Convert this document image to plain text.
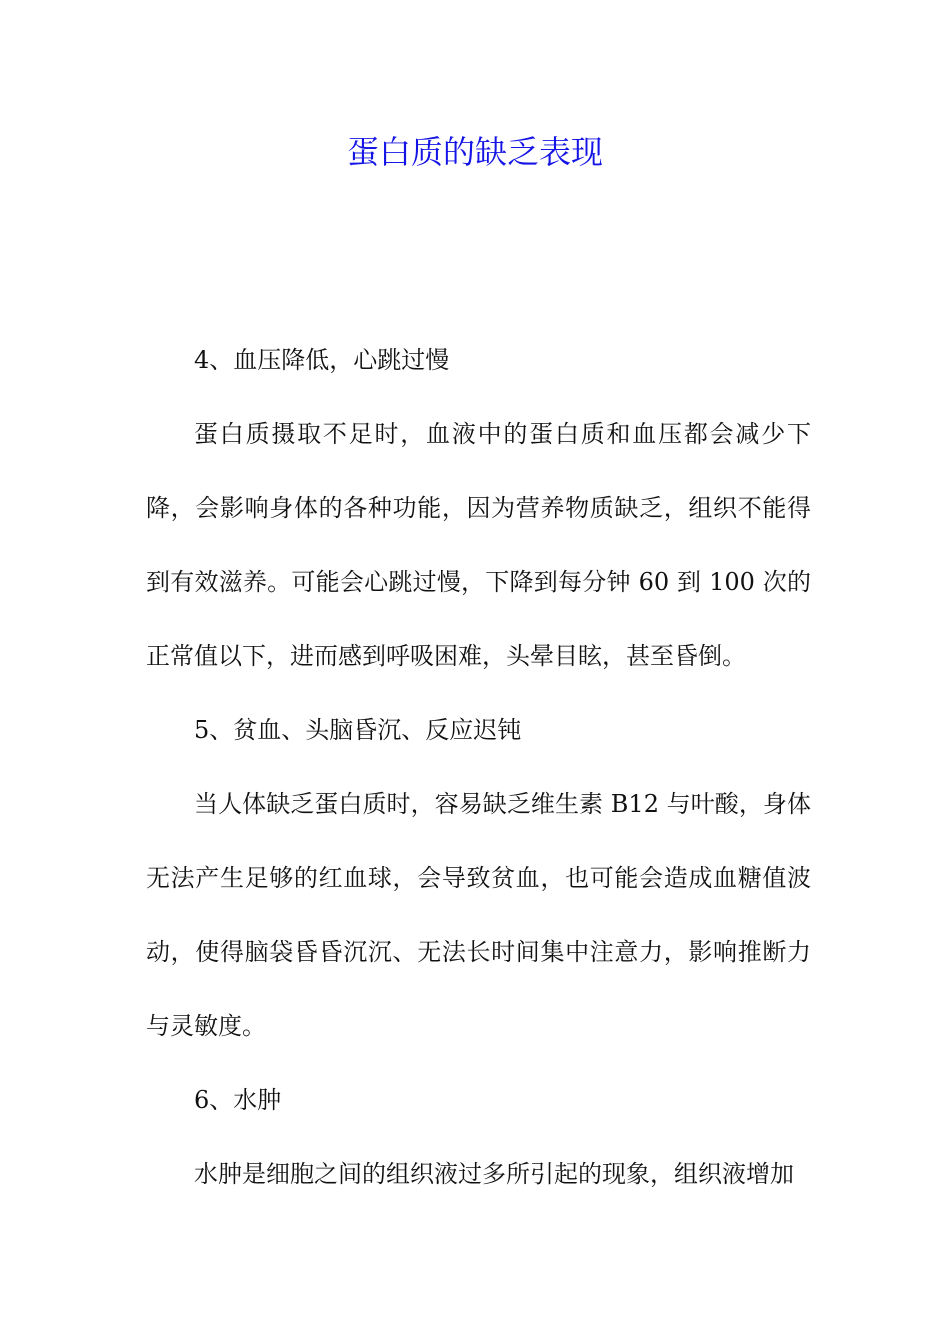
蛋白质的缺乏表现

4、血压降低，心跳过慢

蛋白质摄取不足时，血液中的蛋白质和血压都会减少下降，会影响身体的各种功能，因为营养物质缺乏，组织不能得到有效滋养。可能会心跳过慢，下降到每分钟 60 到 100 次的正常值以下，进而感到呼吸困难，头晕目眩，甚至昏倒。

5、贫血、头脑昏沉、反应迟钝

当人体缺乏蛋白质时，容易缺乏维生素 B12 与叶酸，身体无法产生足够的红血球，会导致贫血，也可能会造成血糖值波动，使得脑袋昏昏沉沉、无法长时间集中注意力，影响推断力与灵敏度。

6、水肿

水肿是细胞之间的组织液过多所引起的现象，组织液增加
